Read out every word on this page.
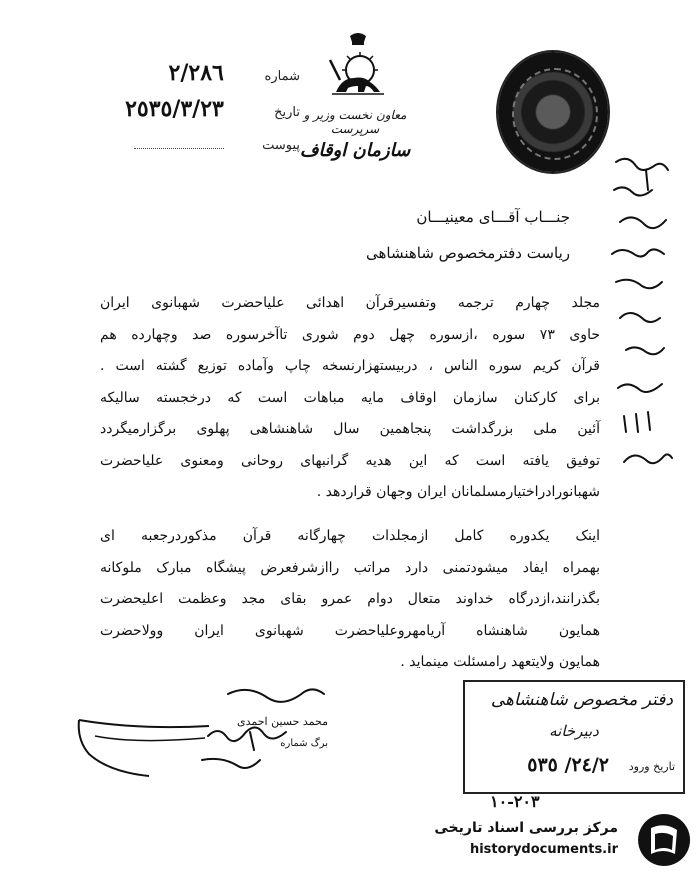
شماره ٢/٢٨٦
تاریخ ٢٥٣٥/٣/٢٣
پیوست
معاون نخست وزیر و سرپرست
سازمان اوقاف
جنـــاب آقـــای معینیـــان
ریاست دفترمخصوص شاهنشاهی

مجلد چهارم ترجمه وتفسیرقرآن اهدائی علیاحضرت شهبانوی ایران

حاوی ٧٣ سوره ،ازسوره چهل دوم شوری تاآخرسوره صد وچهارده هم

قرآن کریم سوره الناس ، دربیستهزارنسخه چاپ وآماده توزیع گشته است .

برای کارکنان سازمان اوقاف مایه مباهات است که درخجسته سالیکه

آئین ملی بزرگداشت پنجاهمین سال شاهنشاهی پهلوی برگزارمیگردد

توفیق یافته است که این هدیه گرانبهای روحانی ومعنوی علیاحضرت

شهبانورادراختیارمسلمانان ایران وجهان قراردهد .

اینک یکدوره کامل ازمجلدات چهارگانه قرآن مذکوردرجعبه ای

بهمراه ایفاد میشودتمنی دارد مراتب راازشرفعرض پیشگاه مبارک ملوکانه

بگذرانند،ازدرگاه خداوند متعال دوام عمرو بقای مجد وعظمت اعلیحضرت

همایون شاهنشاه آریامهروعلیاحضرت شهبانوی ایران وولاحضرت

همایون ولایتعهد رامسئلت مینماید .

محمد حسین احمدی
برگ شماره
دفتر مخصوص شاهنشاهی
دبیرخانه
تاریخ ورود
٢٤/٢/ ٥٣٥
٢٠٣-١٠
مرکز بررسی اسناد تاریخی
historydocuments.ir
